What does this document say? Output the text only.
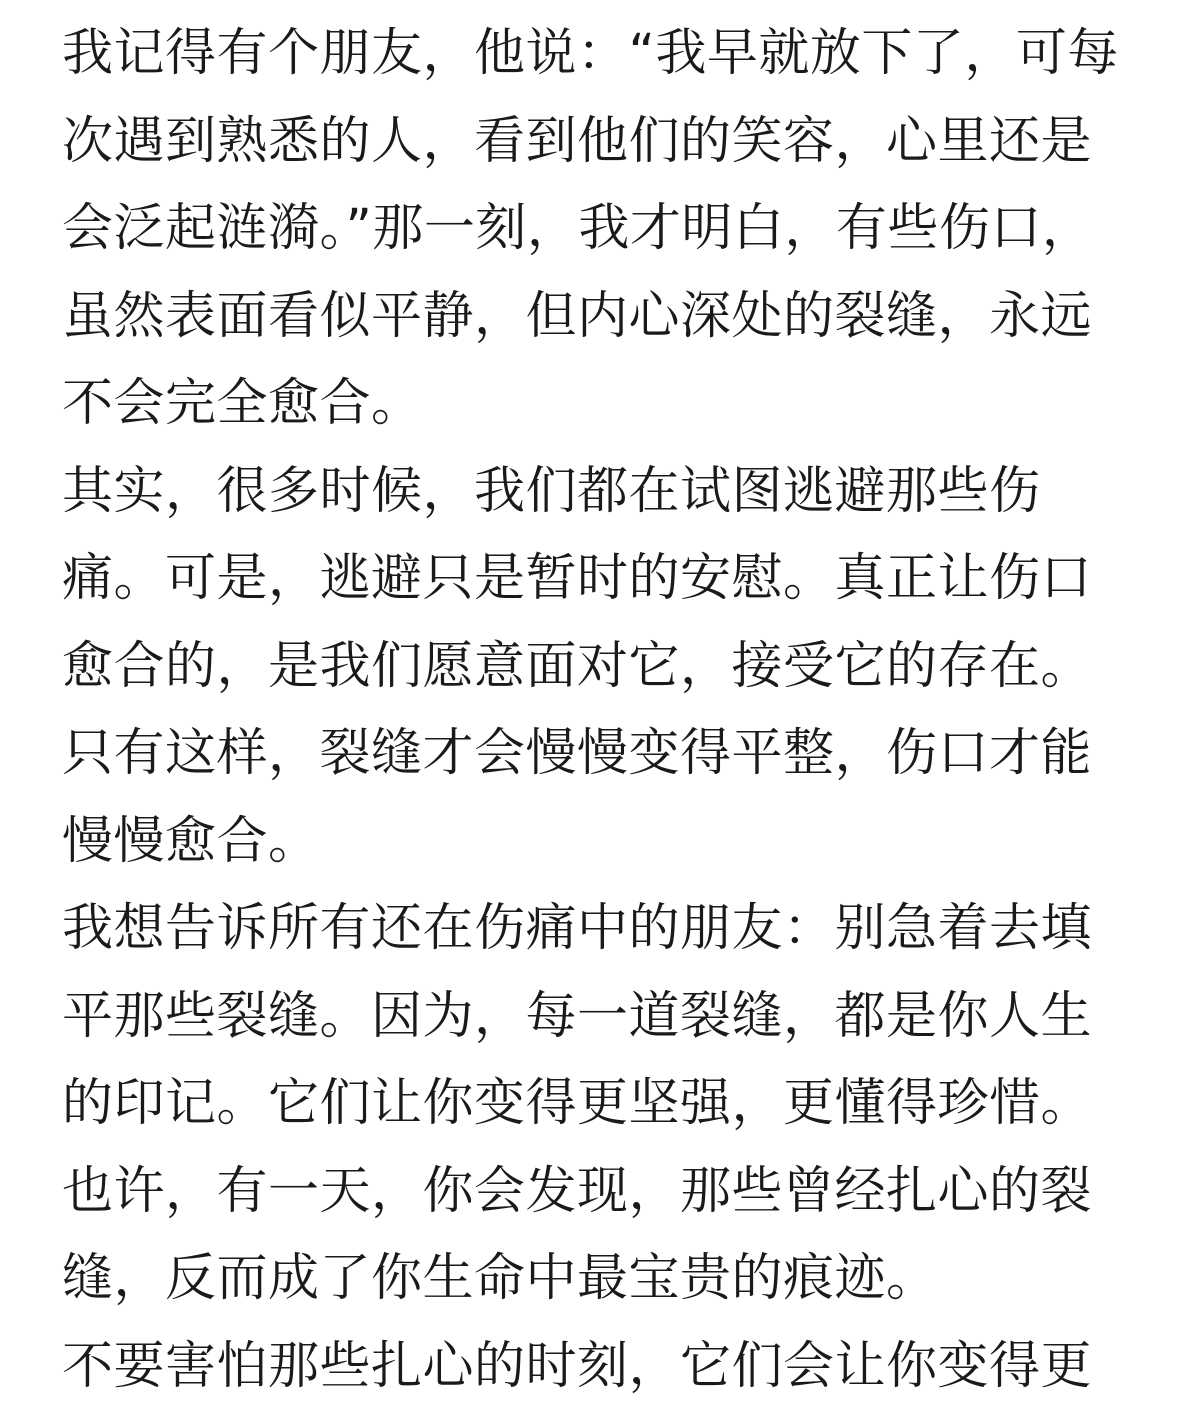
我记得有个朋友，他说：“我早就放下了，可每
次遇到熟悉的人，看到他们的笑容，心里还是
会泛起涟漪。”那一刻，我才明白，有些伤口，
虽然表面看似平静，但内心深处的裂缝，永远
不会完全愈合。

其实，很多时候，我们都在试图逃避那些伤
痛。可是，逃避只是暂时的安慰。真正让伤口
愈合的，是我们愿意面对它，接受它的存在。
只有这样，裂缝才会慢慢变得平整，伤口才能
慢慢愈合。

我想告诉所有还在伤痛中的朋友：别急着去填
平那些裂缝。因为，每一道裂缝，都是你人生
的印记。它们让你变得更坚强，更懂得珍惜。
也许，有一天，你会发现，那些曾经扎心的裂
缝，反而成了你生命中最宝贵的痕迹。

不要害怕那些扎心的时刻，它们会让你变得更
